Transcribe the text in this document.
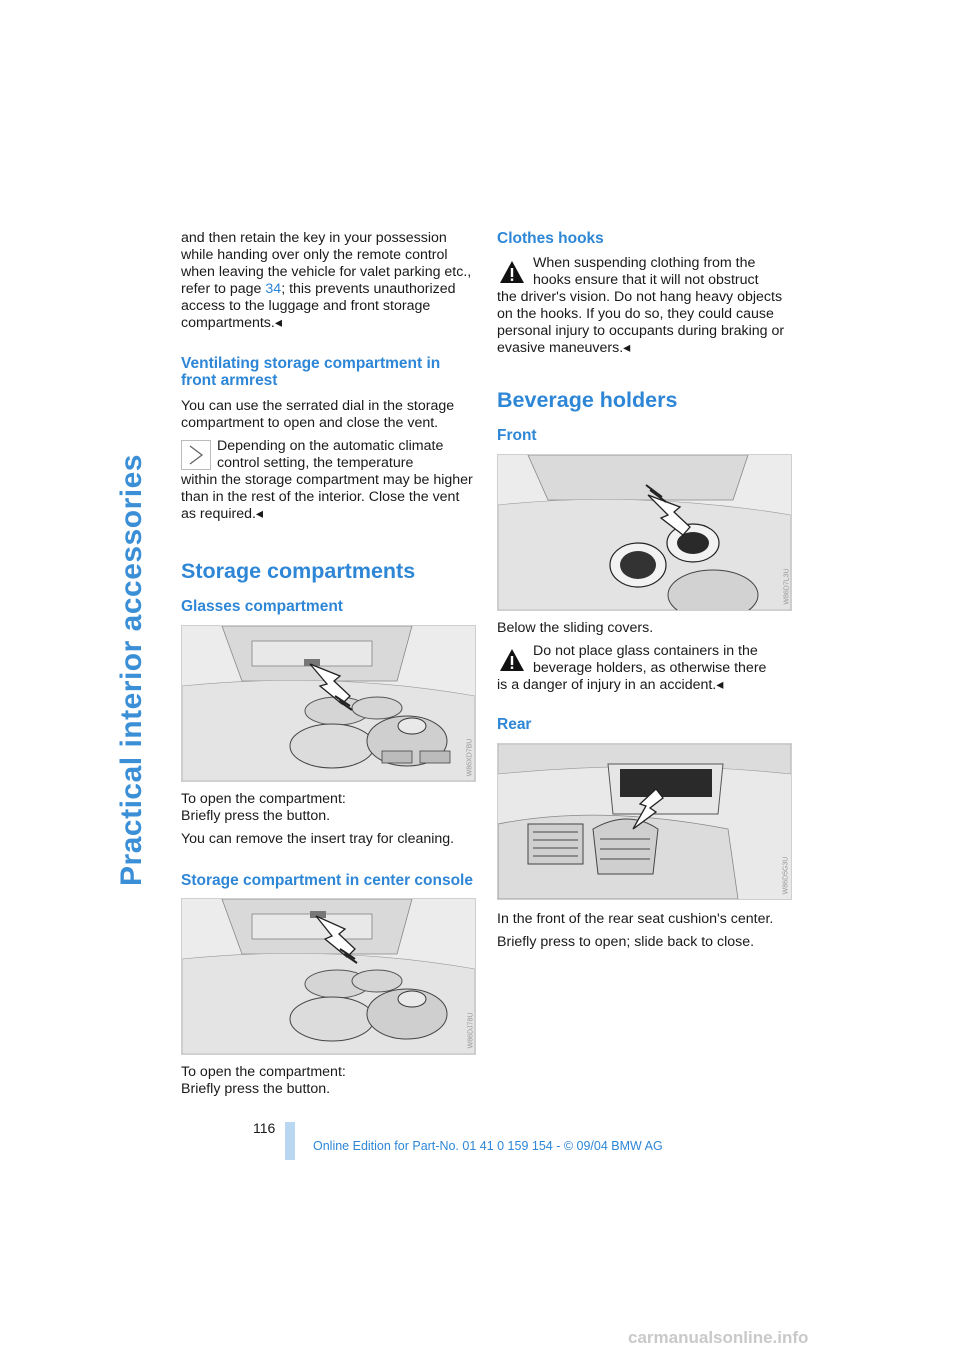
Practical interior accessories

and then retain the key in your possession while handing over only the remote control when leaving the vehicle for valet parking etc., refer to page 34; this prevents unauthorized access to the luggage and front storage compartments.◂

Ventilating storage compartment in front armrest

You can use the serrated dial in the storage compartment to open and close the vent.

Depending on the automatic climate control setting, the temperature
within the storage compartment may be higher than in the rest of the interior. Close the vent as required.◂

Storage compartments
Glasses compartment
W86XD7BU

To open the compartment:
Briefly press the button.

You can remove the insert tray for cleaning.

Storage compartment in center console
W86DJ78U

To open the compartment:
Briefly press the button.

Clothes hooks

When suspending clothing from the hooks ensure that it will not obstruct
the driver's vision. Do not hang heavy objects on the hooks. If you do so, they could cause personal injury to occupants during braking or evasive maneuvers.◂

Beverage holders
Front
W86D7L3U

Below the sliding covers.

Do not place glass containers in the beverage holders, as otherwise there
is a danger of injury in an accident.◂

Rear
W86D5G3U

In the front of the rear seat cushion's center.

Briefly press to open; slide back to close.

116
Online Edition for Part-No. 01 41 0 159 154 - © 09/04 BMW AG
carmanualsonline.info
